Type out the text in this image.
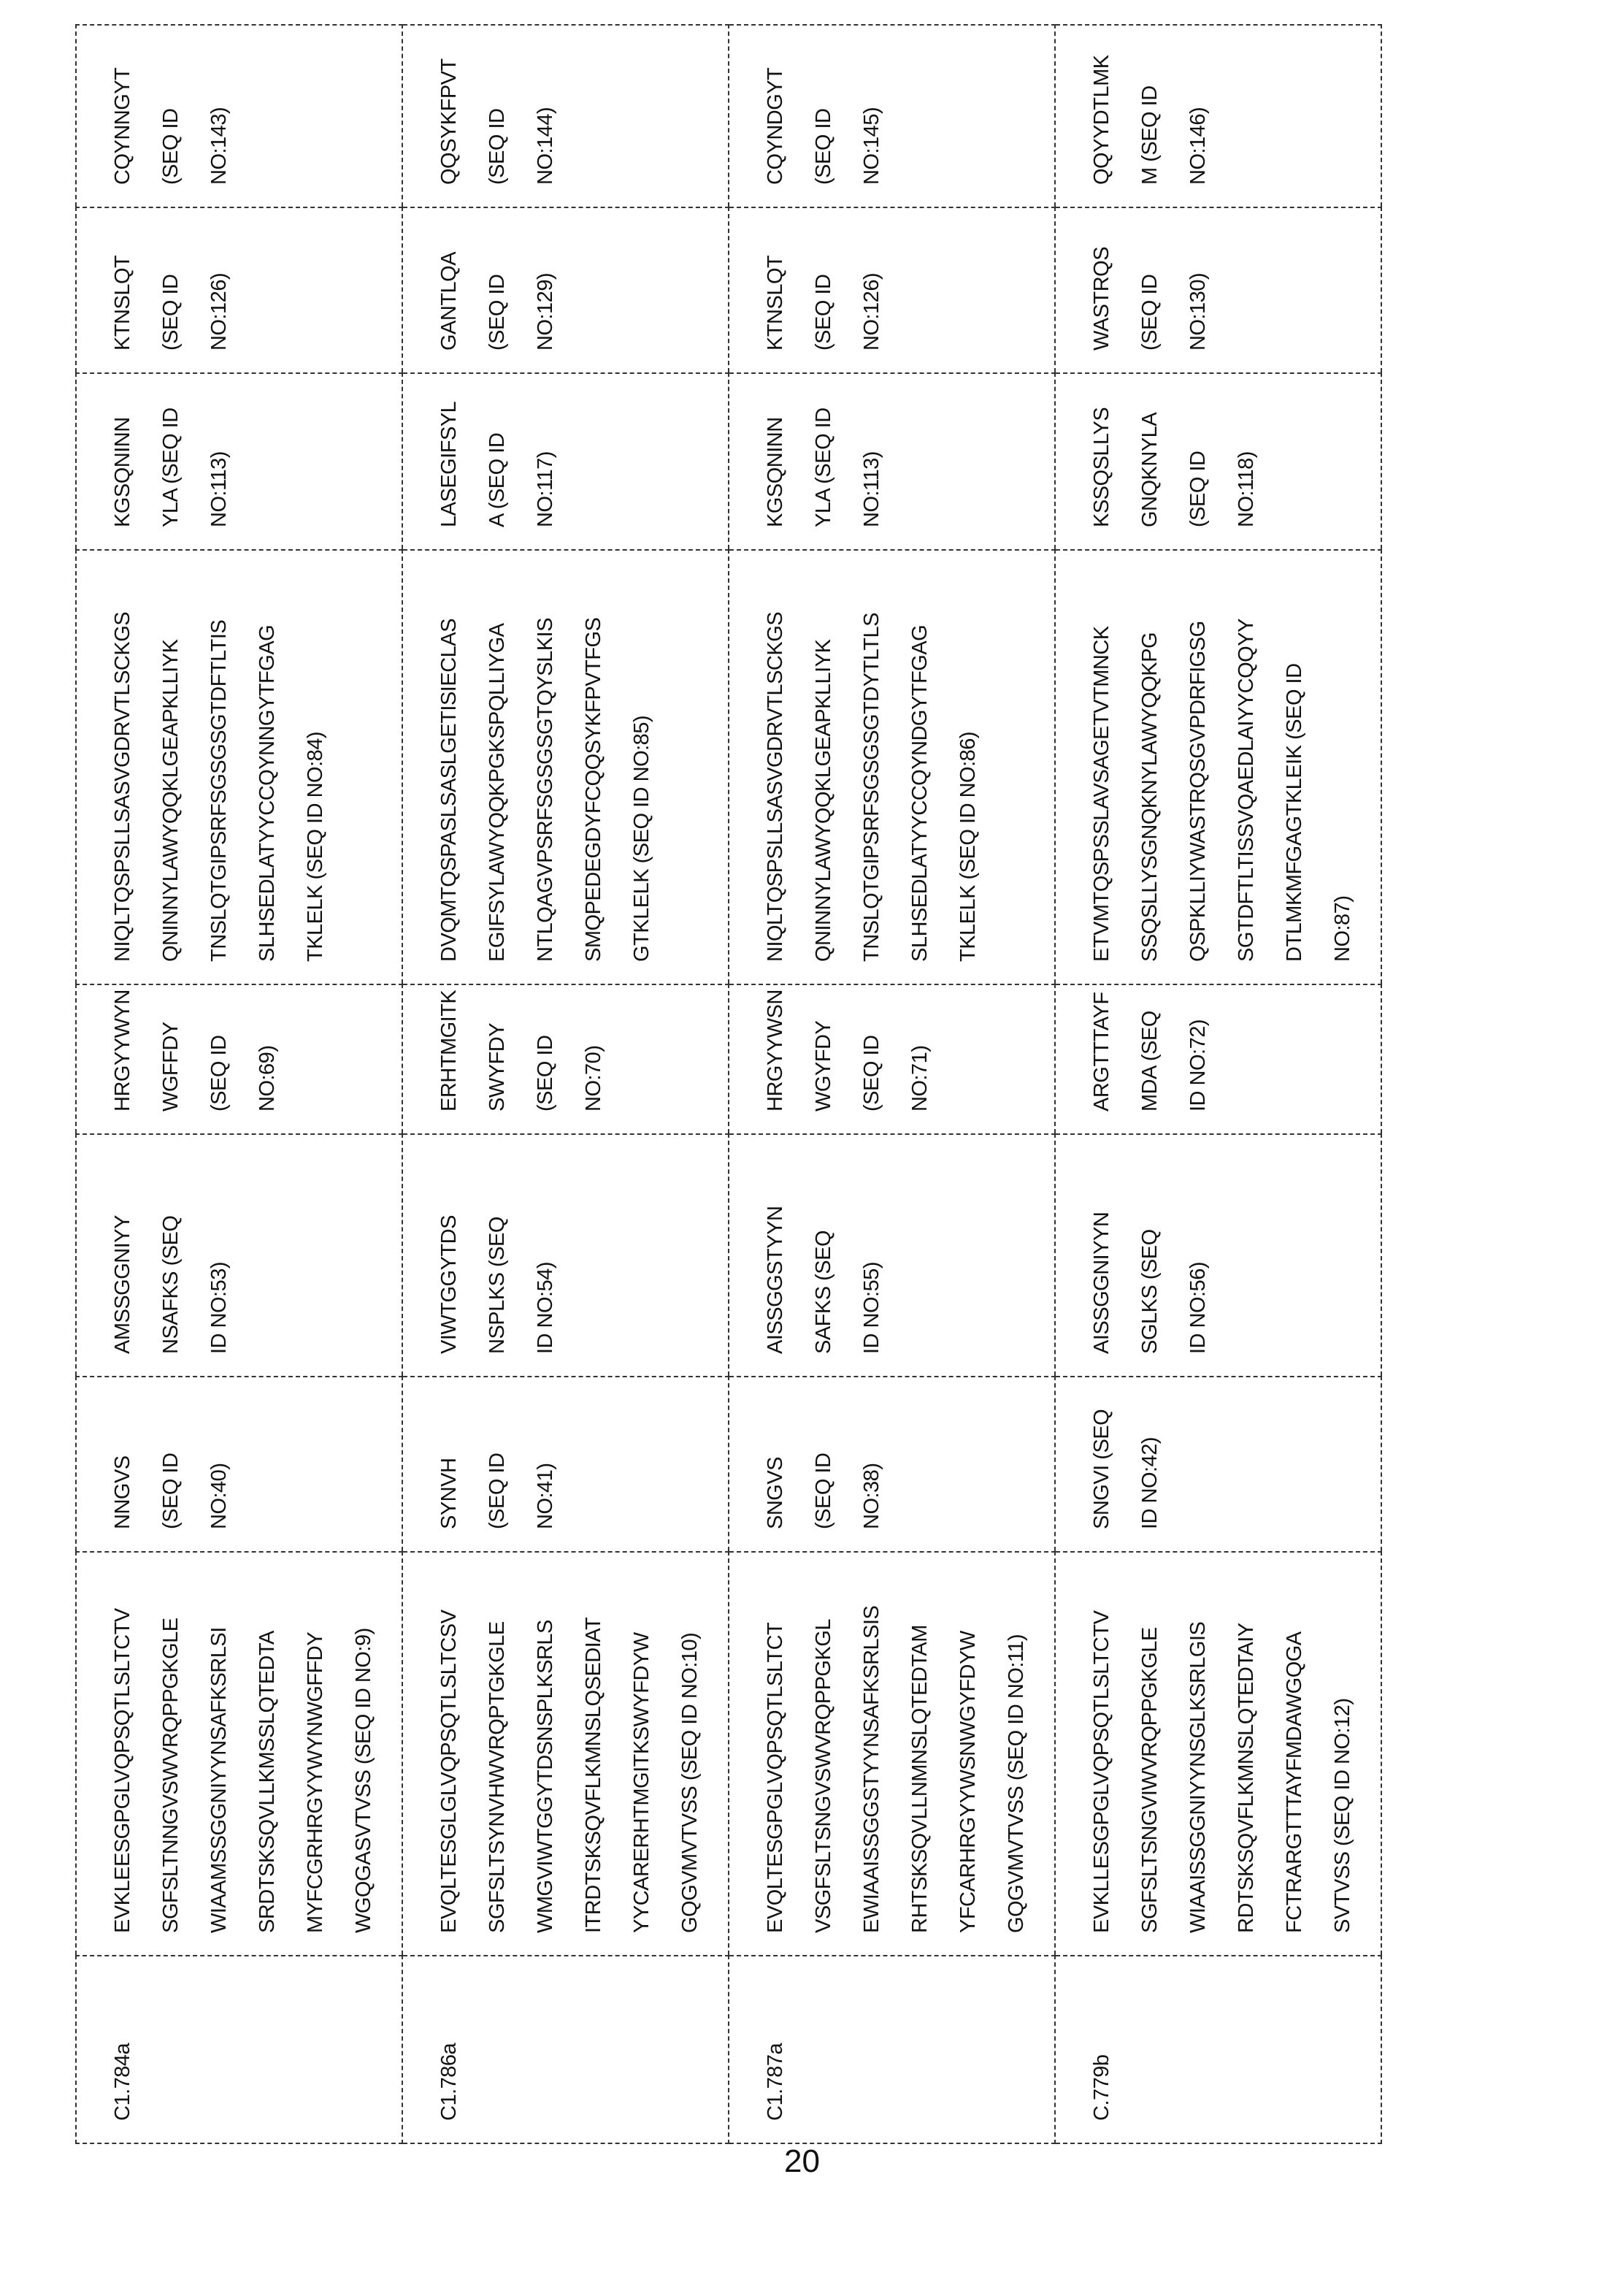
C1.784a

EVKLEESGPGLVQPSQTLSLTCTV	SGFSLTNNGVSWVRQPPGKGLE	WIAAMSSGGNIYYNSAFKSRLSI	SRDTSKSQVLLKMSSLQTEDTA	MYFCGRHRGYYWYNWGFFDY	WGQGASVTVSS (SEQ ID NO:9)

NNGVS	(SEQ ID	NO:40)

AMSSGGNIYY	NSAFKS (SEQ	ID NO:53)

HRGYYWYN	WGFFDY	(SEQ ID	NO:69)

NIQLTQSPSLLSASVGDRVTLSCKGS	QNINNYLAWYQQKLGEAPKLLIYK	TNSLQTGIPSRFSGSGSGTDFTLTIS	SLHSEDLATYYCCQYNNGYTFGAG	TKLELK (SEQ ID NO:84)

KGSQNINN	YLA (SEQ ID	NO:113)

KTNSLQT	(SEQ ID	NO:126)

CQYNNGYT	(SEQ ID	NO:143)

C1.786a

EVQLTESGLGLVQPSQTLSLTCSV	SGFSLTSYNVHWVRQPTGKGLE	WMGVIWTGGYTDSNSPLKSRLS	ITRDTSKSQVFLKMNSLQSEDIAT	YYCARERHTMGITKSWYFDYW	GQGVMVTVSS (SEQ ID NO:10)

SYNVH	(SEQ ID	NO:41)

VIWTGGYTDS	NSPLKS (SEQ	ID NO:54)

ERHTMGITK	SWYFDY	(SEQ ID	NO:70)

DVQMTQSPASLSASLGETISIECLAS	EGIFSYLAWYQQKPGKSPQLLIYGA	NTLQAGVPSRFSGSGSGTQYSLKIS	SMQPEDEGDYFCQQSYKFPVTFGS	GTKLELK (SEQ ID NO:85)

LASEGIFSYL	A (SEQ ID	NO:117)

GANTLQA	(SEQ ID	NO:129)

QQSYKFPVT	(SEQ ID	NO:144)

C1.787a

EVQLTESGPGLVQPSQTLSLTCT	VSGFSLTSNGVSWVRQPPGKGL	EWIAAISSGGSTYYNSAFKSRLSIS	RHTSKSQVLLNMNSLQTEDTAM	YFCARHRGYYWSNWGYFDYW	GQGVMVTVSS (SEQ ID NO:11)

SNGVS	(SEQ ID	NO:38)

AISSGGSTYYN	SAFKS (SEQ	ID NO:55)

HRGYYWSN	WGYFDY	(SEQ ID	NO:71)

NIQLTQSPSLLSASVGDRVTLSCKGS	QNINNYLAWYQQKLGEAPKLLIYK	TNSLQTGIPSRFSGSGSGTDYTLTLS	SLHSEDLATYYCCQYNDGYTFGAG	TKLELK (SEQ ID NO:86)

KGSQNINN	YLA (SEQ ID	NO:113)

KTNSLQT	(SEQ ID	NO:126)

CQYNDGYT	(SEQ ID	NO:145)

C.779b

EVKLLESGPGLVQPSQTLSLTCTV	SGFSLTSNGVIWVRQPPGKGLE	WIAAISSGGNIYYNSGLKSRLGIS	RDTSKSQVFLKMNSLQTEDTAIY	FCTRARGTTTAYFMDAWGQGA	SVTVSS (SEQ ID NO:12)

SNGVI (SEQ	ID NO:42)

AISSGGNIYYN	SGLKS (SEQ	ID NO:56)

ARGTTTAYF	MDA (SEQ	ID NO:72)

ETVMTQSPSSLAVSAGETVTMNCK	SSQSLLYSGNQKNYLAWYQQKPG	QSPKLLIYWASTRQSGVPDRFIGSG	SGTDFTLTISSVQAEDLAIYYCQQYY	DTLMKMFGAGTKLEIK (SEQ ID	NO:87)

KSSQSLLYS	GNQKNYLA	(SEQ ID	NO:118)

WASTRQS	(SEQ ID	NO:130)

QQYYDTLMK	M (SEQ ID	NO:146)
20
